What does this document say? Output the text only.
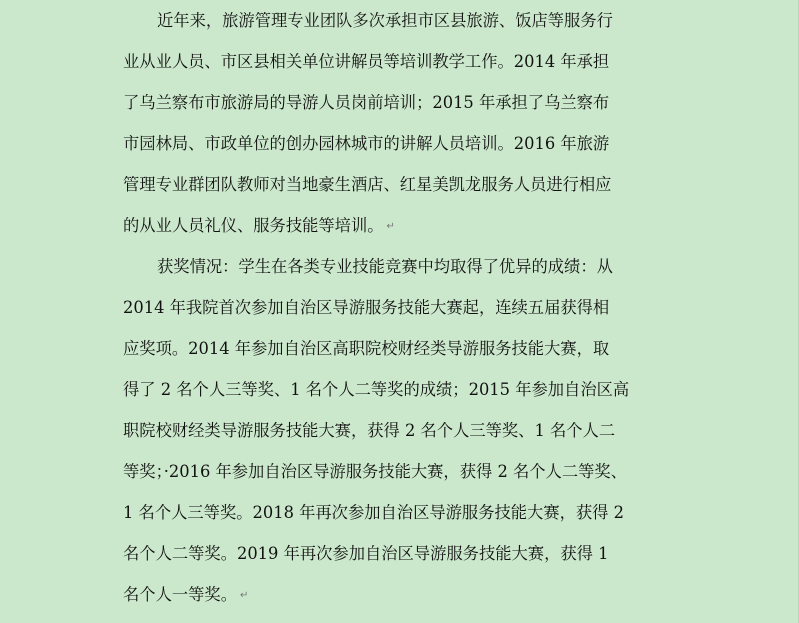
近年来，旅游管理专业团队多次承担市区县旅游、饭店等服务行
业从业人员、市区县相关单位讲解员等培训教学工作。2014 年承担
了乌兰察布市旅游局的导游人员岗前培训；2015 年承担了乌兰察布
市园林局、市政单位的创办园林城市的讲解人员培训。2016 年旅游
管理专业群团队教师对当地豪生酒店、红星美凯龙服务人员进行相应
的从业人员礼仪、服务技能等培训。 ↵
获奖情况：学生在各类专业技能竞赛中均取得了优异的成绩：从
2014 年我院首次参加自治区导游服务技能大赛起，连续五届获得相
应奖项。2014 年参加自治区高职院校财经类导游服务技能大赛，取
得了 2 名个人三等奖、1 名个人二等奖的成绩；2015 年参加自治区高
职院校财经类导游服务技能大赛，获得 2 名个人三等奖、1 名个人二
等奖；·2016 年参加自治区导游服务技能大赛，获得 2 名个人二等奖、
1 名个人三等奖。2018 年再次参加自治区导游服务技能大赛，获得 2
名个人二等奖。2019 年再次参加自治区导游服务技能大赛，获得 1
名个人一等奖。 ↵
